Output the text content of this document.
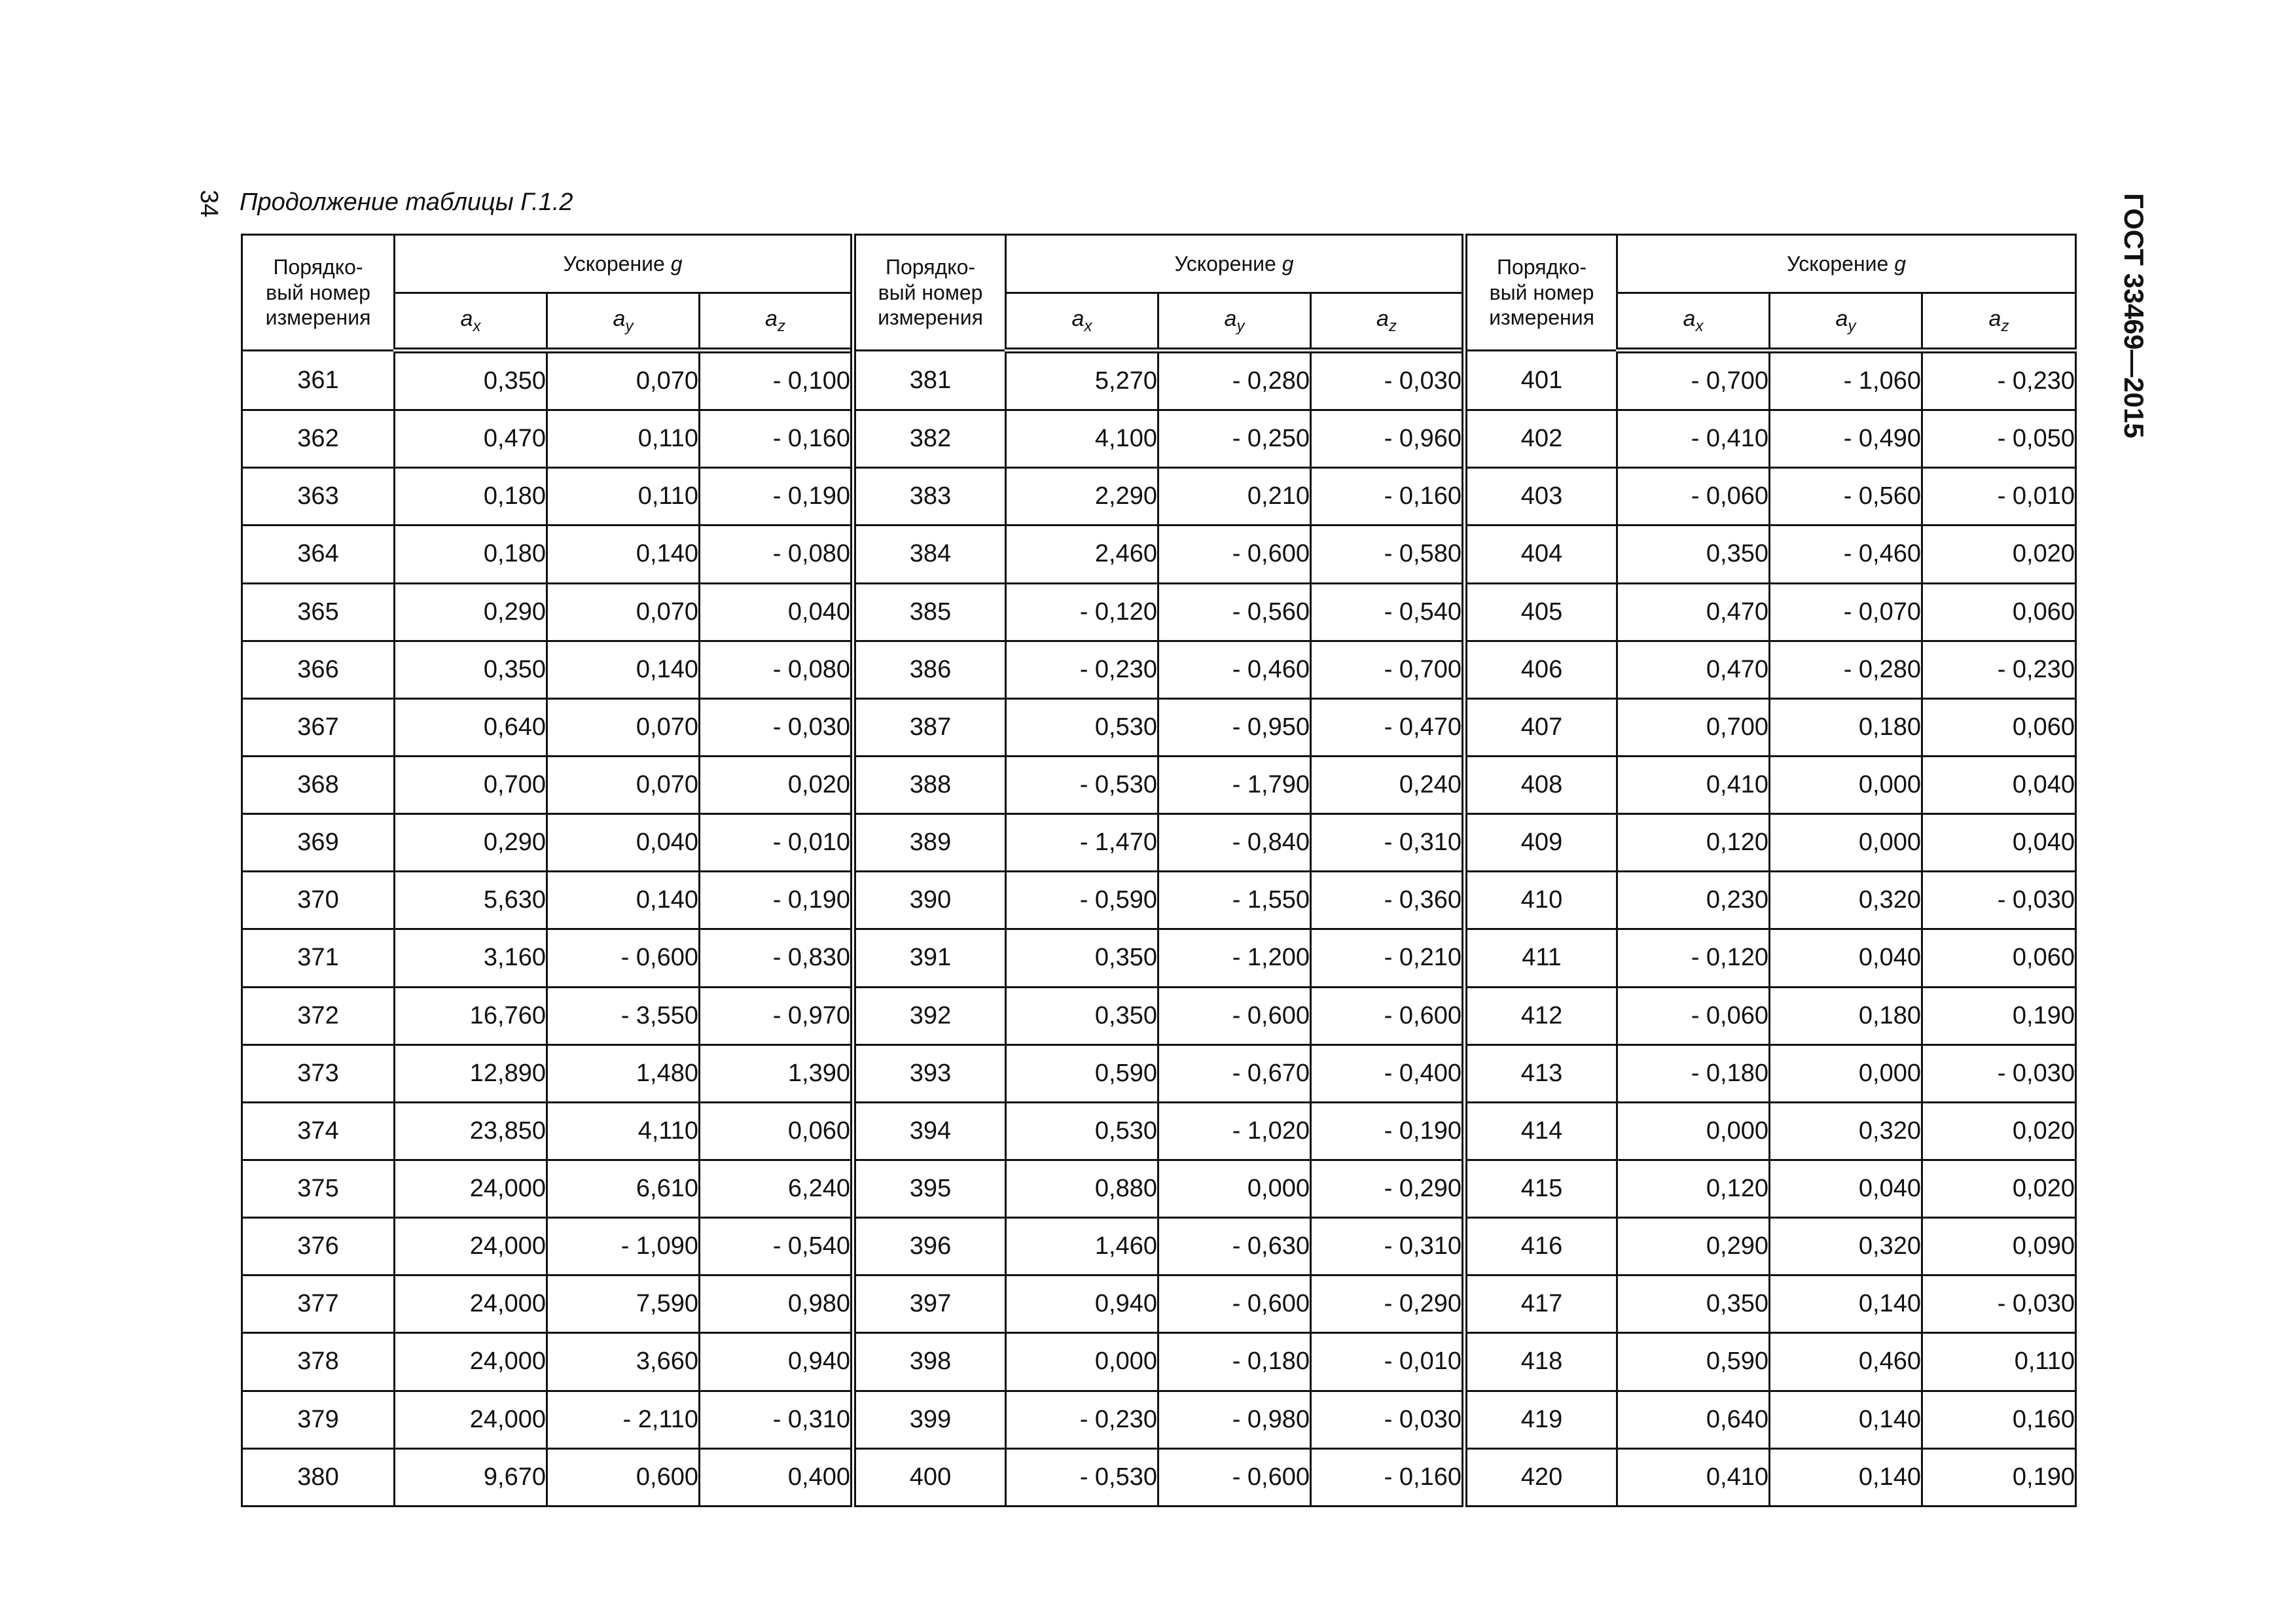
34 Продолжение таблицы Г.1.2	ГОСТ 33469—2015
Порядко-
вый номер
измерения	Ускорение g			Порядко-
вый номер
измерения	Ускорение g			Порядко-
вый номер
измерения	Ускорение g		
	$a_x$	$a_y$	$a_z$		$a_x$	$a_y$	$a_z$		$a_x$	$a_y$	$a_z$
361	0,350	0,070	- 0,100	381	5,270	- 0,280	- 0,030	401	- 0,700	- 1,060	- 0,230
362	0,470	0,110	- 0,160	382	4,100	- 0,250	- 0,960	402	- 0,410	- 0,490	- 0,050
363	0,180	0,110	- 0,190	383	2,290	0,210	- 0,160	403	- 0,060	- 0,560	- 0,010
364	0,180	0,140	- 0,080	384	2,460	- 0,600	- 0,580	404	0,350	- 0,460	0,020
365	0,290	0,070	0,040	385	- 0,120	- 0,560	- 0,540	405	0,470	- 0,070	0,060
366	0,350	0,140	- 0,080	386	- 0,230	- 0,460	- 0,700	406	0,470	- 0,280	- 0,230
367	0,640	0,070	- 0,030	387	0,530	- 0,950	- 0,470	407	0,700	0,180	0,060
368	0,700	0,070	0,020	388	- 0,530	- 1,790	0,240	408	0,410	0,000	0,040
369	0,290	0,040	- 0,010	389	- 1,470	- 0,840	- 0,310	409	0,120	0,000	0,040
370	5,630	0,140	- 0,190	390	- 0,590	- 1,550	- 0,360	410	0,230	0,320	- 0,030
371	3,160	- 0,600	- 0,830	391	0,350	- 1,200	- 0,210	411	- 0,120	0,040	0,060
372	16,760	- 3,550	- 0,970	392	0,350	- 0,600	- 0,600	412	- 0,060	0,180	0,190
373	12,890	1,480	1,390	393	0,590	- 0,670	- 0,400	413	- 0,180	0,000	- 0,030
374	23,850	4,110	0,060	394	0,530	- 1,020	- 0,190	414	0,000	0,320	0,020
375	24,000	6,610	6,240	395	0,880	0,000	- 0,290	415	0,120	0,040	0,020
376	24,000	- 1,090	- 0,540	396	1,460	- 0,630	- 0,310	416	0,290	0,320	0,090
377	24,000	7,590	0,980	397	0,940	- 0,600	- 0,290	417	0,350	0,140	- 0,030
378	24,000	3,660	0,940	398	0,000	- 0,180	- 0,010	418	0,590	0,460	0,110
379	24,000	- 2,110	- 0,310	399	- 0,230	- 0,980	- 0,030	419	0,640	0,140	0,160
380	9,670	0,600	0,400	400	- 0,530	- 0,600	- 0,160	420	0,410	0,140	0,190
